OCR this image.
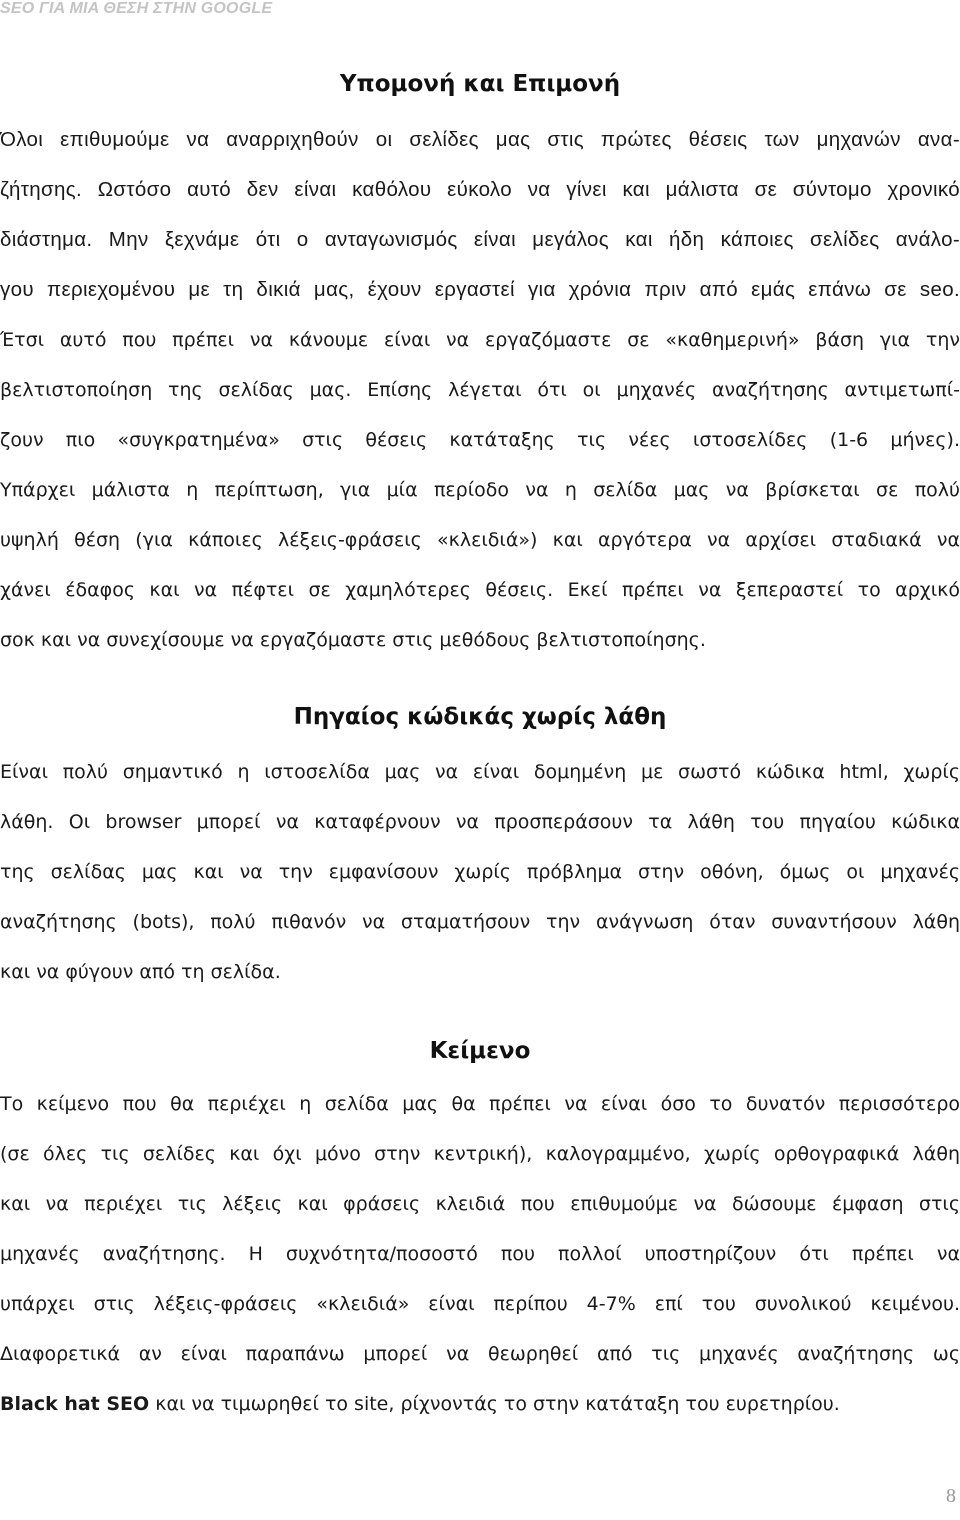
SEO ΓΙΑ ΜΙΑ ΘΕΣΗ ΣΤΗΝ GOOGLE
Υπομονή και Επιμονή
Όλοι επιθυμούμε να αναρριχηθούν οι σελίδες μας στις πρώτες θέσεις των μηχανών ανα-
ζήτησης. Ωστόσο αυτό δεν είναι καθόλου εύκολο να γίνει και μάλιστα σε σύντομο χρονικό
διάστημα. Μην ξεχνάμε ότι ο ανταγωνισμός είναι μεγάλος και ήδη κάποιες σελίδες ανάλο-
γου περιεχομένου με τη δικιά μας, έχουν εργαστεί για χρόνια πριν από εμάς επάνω σε seo.
Έτσι αυτό που πρέπει να κάνουμε είναι να εργαζόμαστε σε «καθημερινή» βάση για την
βελτιστοποίηση της σελίδας μας. Επίσης λέγεται ότι οι μηχανές αναζήτησης αντιμετωπί-
ζουν πιο «συγκρατημένα» στις θέσεις κατάταξης τις νέες ιστοσελίδες (1-6 μήνες).
Υπάρχει μάλιστα η περίπτωση, για μία περίοδο να η σελίδα μας να βρίσκεται σε πολύ
υψηλή θέση (για κάποιες λέξεις-φράσεις «κλειδιά») και αργότερα να αρχίσει σταδιακά να
χάνει έδαφος και να πέφτει σε χαμηλότερες θέσεις. Εκεί πρέπει να ξεπεραστεί το αρχικό
σοκ και να συνεχίσουμε να εργαζόμαστε στις μεθόδους βελτιστοποίησης.
Πηγαίος κώδικάς χωρίς λάθη
Είναι πολύ σημαντικό η ιστοσελίδα μας να είναι δομημένη με σωστό κώδικα html, χωρίς
λάθη. Οι browser μπορεί να καταφέρνουν να προσπεράσουν τα λάθη του πηγαίου κώδικα
της σελίδας μας και να την εμφανίσουν χωρίς πρόβλημα στην οθόνη, όμως οι μηχανές
αναζήτησης (bots), πολύ πιθανόν να σταματήσουν την ανάγνωση όταν συναντήσουν λάθη
και να φύγουν από τη σελίδα.
Κείμενο
Το κείμενο που θα περιέχει η σελίδα μας θα πρέπει να είναι όσο το δυνατόν περισσότερο
(σε όλες τις σελίδες και όχι μόνο στην κεντρική), καλογραμμένο, χωρίς ορθογραφικά λάθη
και να περιέχει τις λέξεις και φράσεις κλειδιά που επιθυμούμε να δώσουμε έμφαση στις
μηχανές αναζήτησης. Η συχνότητα/ποσοστό που πολλοί υποστηρίζουν ότι πρέπει να
υπάρχει στις λέξεις-φράσεις «κλειδιά» είναι περίπου 4-7% επί του συνολικού κειμένου.
Διαφορετικά αν είναι παραπάνω μπορεί να θεωρηθεί από τις μηχανές αναζήτησης ως
Black hat SEO και να τιμωρηθεί το site, ρίχνοντάς το στην κατάταξη του ευρετηρίου.
8
